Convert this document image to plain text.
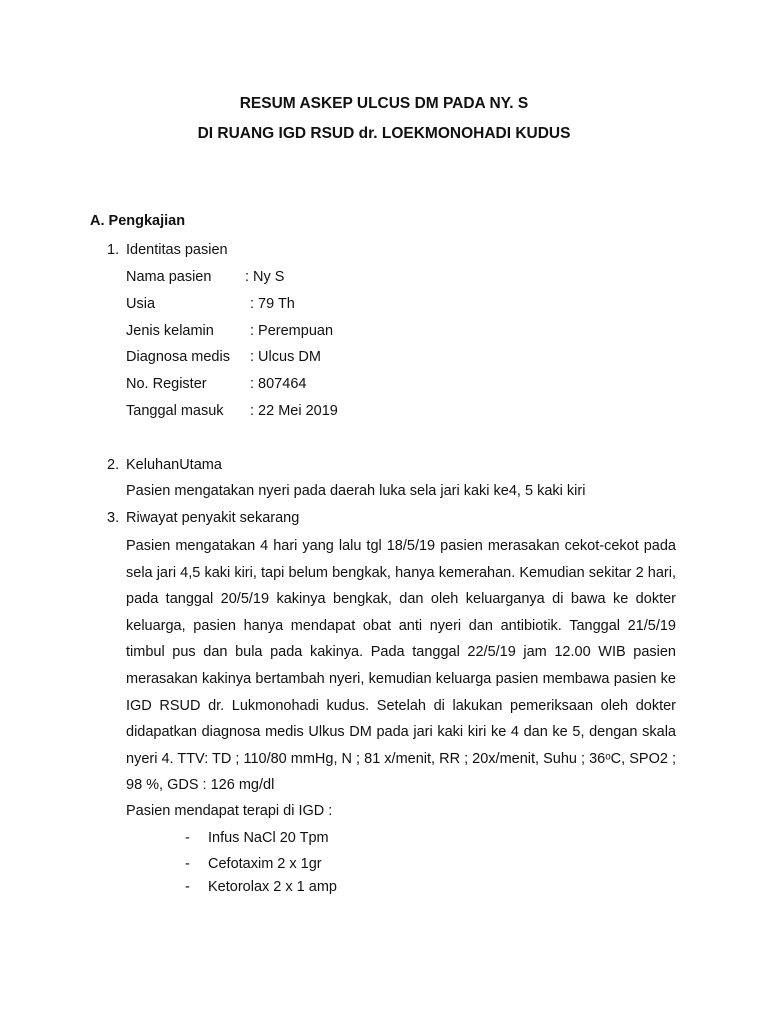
RESUM ASKEP ULCUS DM PADA NY. S
DI RUANG IGD RSUD dr. LOEKMONOHADI KUDUS
A. Pengkajian
1. Identitas pasien
Nama pasien : Ny S
Usia	: 79 Th
Jenis kelamin : Perempuan
Diagnosa medis : Ulcus DM
No. Register	: 807464
Tanggal masuk : 22 Mei 2019
2. KeluhanUtama
Pasien mengatakan nyeri pada daerah luka sela jari kaki ke4, 5 kaki kiri
3. Riwayat penyakit sekarang
Pasien mengatakan 4 hari yang lalu tgl 18/5/19 pasien merasakan cekot-cekot pada sela jari 4,5 kaki kiri, tapi belum bengkak, hanya kemerahan. Kemudian sekitar 2 hari, pada tanggal 20/5/19 kakinya bengkak, dan oleh keluarganya di bawa ke dokter keluarga, pasien hanya mendapat obat anti nyeri dan antibiotik. Tanggal 21/5/19 timbul pus dan bula pada kakinya. Pada tanggal 22/5/19 jam 12.00 WIB pasien merasakan kakinya bertambah nyeri, kemudian keluarga pasien membawa pasien ke IGD RSUD dr. Lukmonohadi kudus. Setelah di lakukan pemeriksaan oleh dokter didapatkan diagnosa medis Ulkus DM pada jari kaki kiri ke 4 dan ke 5, dengan skala nyeri 4. TTV: TD ; 110/80 mmHg, N ; 81 x/menit, RR ; 20x/menit, Suhu ; 36ᵒC, SPO2 ; 98 %, GDS : 126 mg/dl
Pasien mendapat terapi di IGD :
- Infus NaCl 20 Tpm
- Cefotaxim 2 x 1gr
- Ketorolax 2 x 1 amp
